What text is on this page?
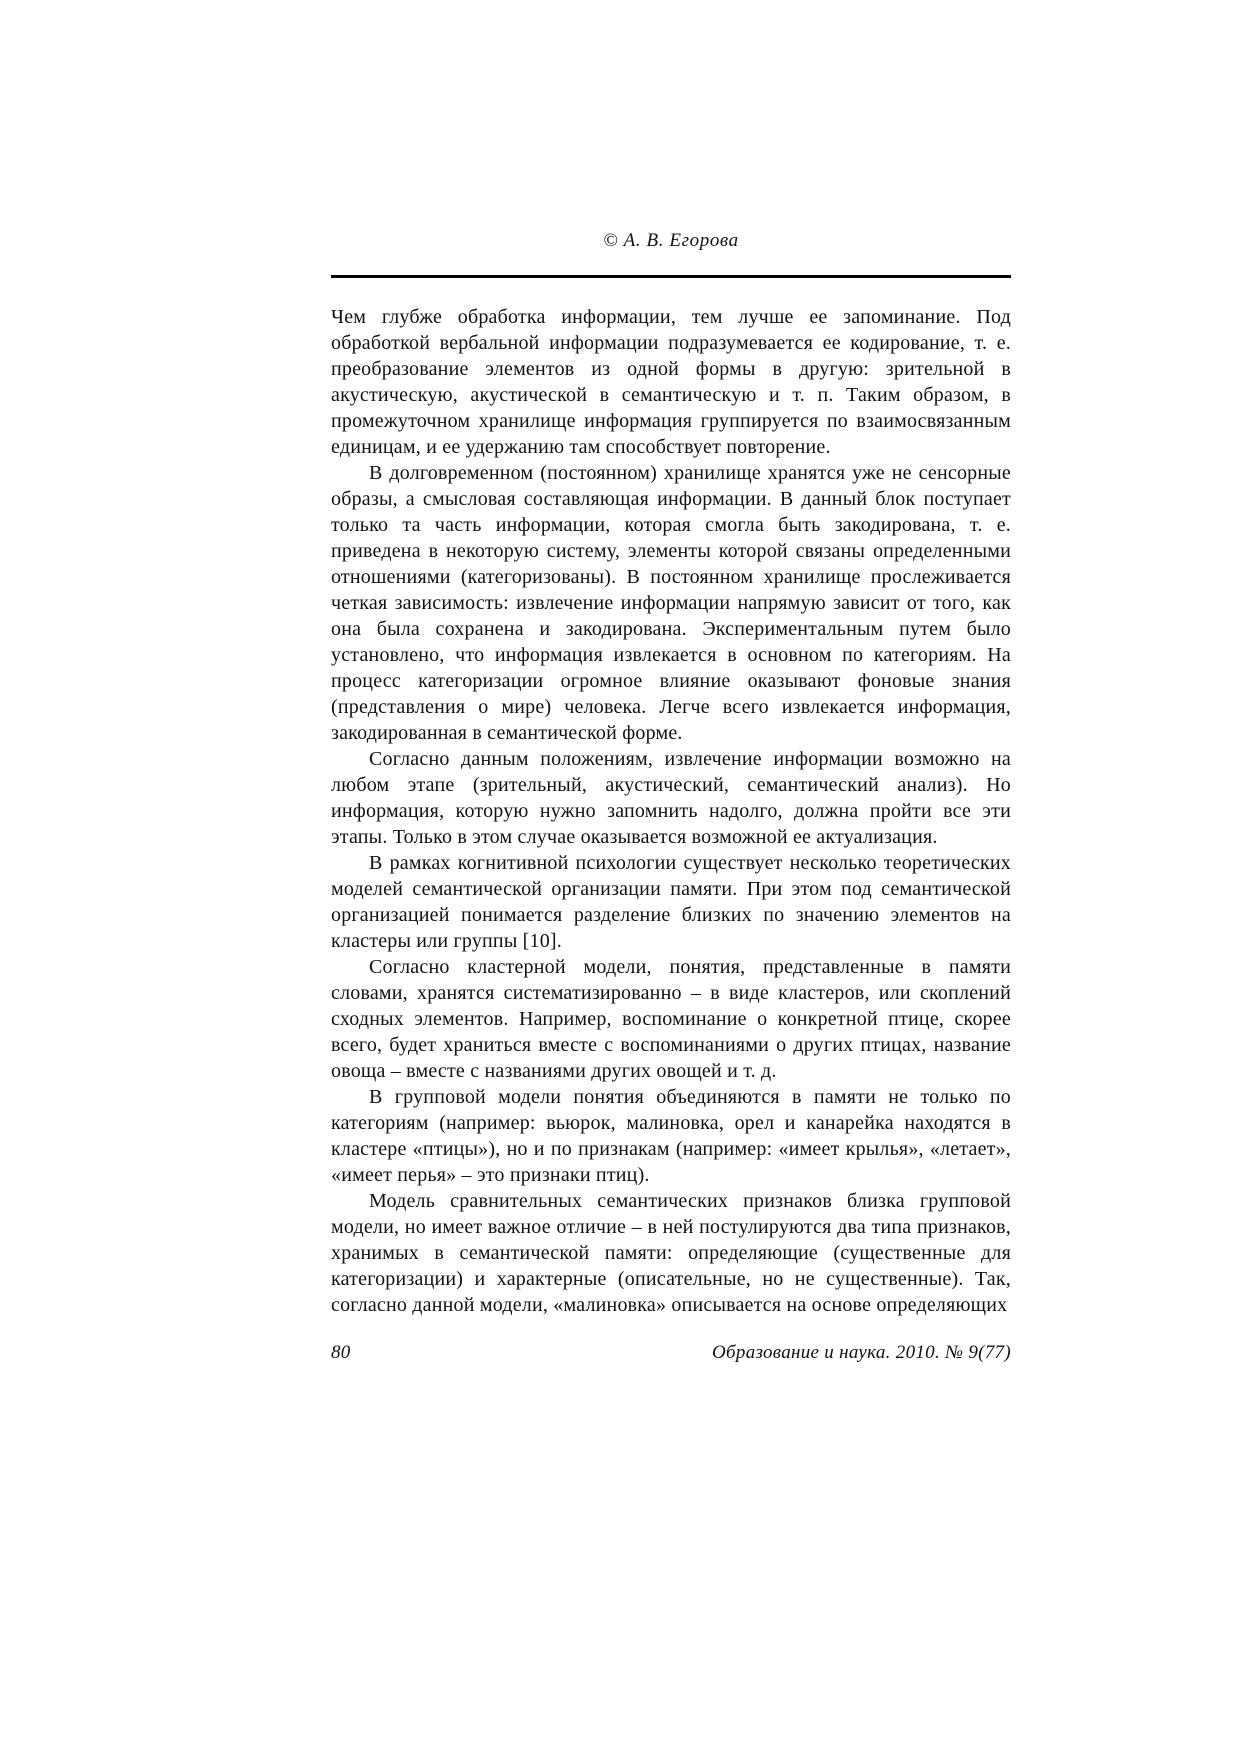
© А. В. Егорова

Чем глубже обработка информации, тем лучше ее запоминание. Под обработкой вербальной информации подразумевается ее кодирование, т. е. преобразование элементов из одной формы в другую: зрительной в акустическую, акустической в семантическую и т. п. Таким образом, в промежуточном хранилище информация группируется по взаимосвязанным единицам, и ее удержанию там способствует повторение.

В долговременном (постоянном) хранилище хранятся уже не сенсорные образы, а смысловая составляющая информации. В данный блок поступает только та часть информации, которая смогла быть закодирована, т. е. приведена в некоторую систему, элементы которой связаны определенными отношениями (категоризованы). В постоянном хранилище прослеживается четкая зависимость: извлечение информации напрямую зависит от того, как она была сохранена и закодирована. Экспериментальным путем было установлено, что информация извлекается в основном по категориям. На процесс категоризации огромное влияние оказывают фоновые знания (представления о мире) человека. Легче всего извлекается информация, закодированная в семантической форме.

Согласно данным положениям, извлечение информации возможно на любом этапе (зрительный, акустический, семантический анализ). Но информация, которую нужно запомнить надолго, должна пройти все эти этапы. Только в этом случае оказывается возможной ее актуализация.

В рамках когнитивной психологии существует несколько теоретических моделей семантической организации памяти. При этом под семантической организацией понимается разделение близких по значению элементов на кластеры или группы [10].

Согласно кластерной модели, понятия, представленные в памяти словами, хранятся систематизированно – в виде кластеров, или скоплений сходных элементов. Например, воспоминание о конкретной птице, скорее всего, будет храниться вместе с воспоминаниями о других птицах, название овоща – вместе с названиями других овощей и т. д.

В групповой модели понятия объединяются в памяти не только по категориям (например: вьюрок, малиновка, орел и канарейка находятся в кластере «птицы»), но и по признакам (например: «имеет крылья», «летает», «имеет перья» – это признаки птиц).

Модель сравнительных семантических признаков близка групповой модели, но имеет важное отличие – в ней постулируются два типа признаков, хранимых в семантической памяти: определяющие (существенные для категоризации) и характерные (описательные, но не существенные). Так, согласно данной модели, «малиновка» описывается на основе определяющих

80	Образование и наука. 2010. № 9(77)
